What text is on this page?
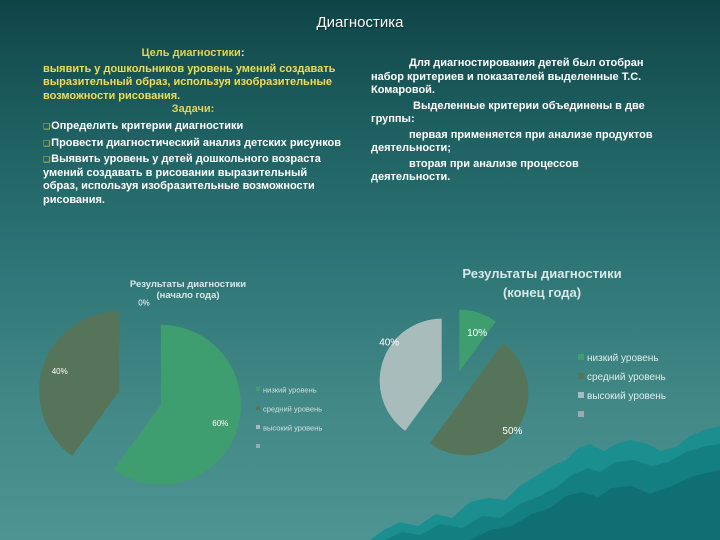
Диагностика
Цель диагностики:
выявить у дошкольников уровень умений создавать выразительный образ, используя изобразительные возможности рисования.
Задачи:
❑Определить критерии диагностики
❑Провести диагностический анализ детских рисунков
❑Выявить уровень у детей дошкольного возраста умений создавать в рисовании выразительный образ, используя изобразительные возможности рисования.

Для диагностирования детей был отобран набор критериев и показателей выделенные Т.С. Комаровой.

Выделенные критерии объединены в две группы:

первая применяется при анализе продуктов деятельности;

вторая при анализе процессов деятельности.

Результаты диагностики
(начало года)
60%
40%
0%
низкий уровень
средний уровень
высокий уровень
Результаты диагностики
(конец года)
10%
50%
40%
низкий уровень
средний уровень
высокий уровень
